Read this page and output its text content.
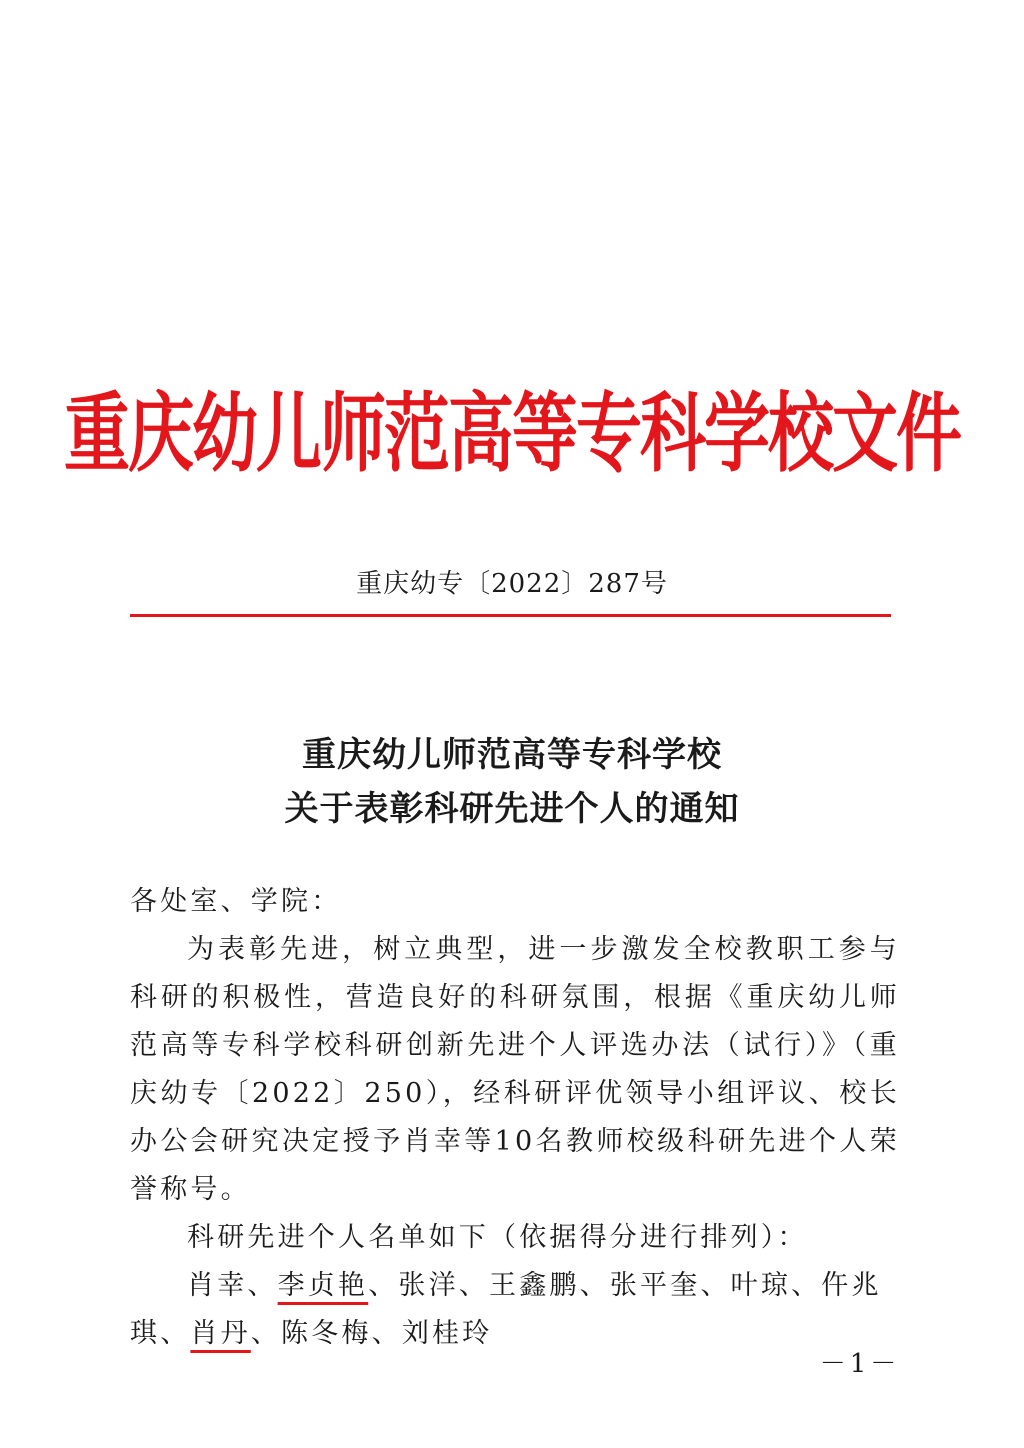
重庆幼儿师范高等专科学校文件
重庆幼专〔2022〕287号
重庆幼儿师范高等专科学校
关于表彰科研先进个人的通知

各处室、学院：

为表彰先进，树立典型，进一步激发全校教职工参与科研的积极性，营造良好的科研氛围，根据《重庆幼儿师范高等专科学校科研创新先进个人评选办法（试行）》（重庆幼专〔2022〕250），经科研评优领导小组评议、校长办公会研究决定授予肖幸等10名教师校级科研先进个人荣誉称号。

科研先进个人名单如下（依据得分进行排列）：

肖幸、李贞艳、张洋、王鑫鹏、张平奎、叶琼、仵兆琪、肖丹、陈冬梅、刘桂玲

－1－
